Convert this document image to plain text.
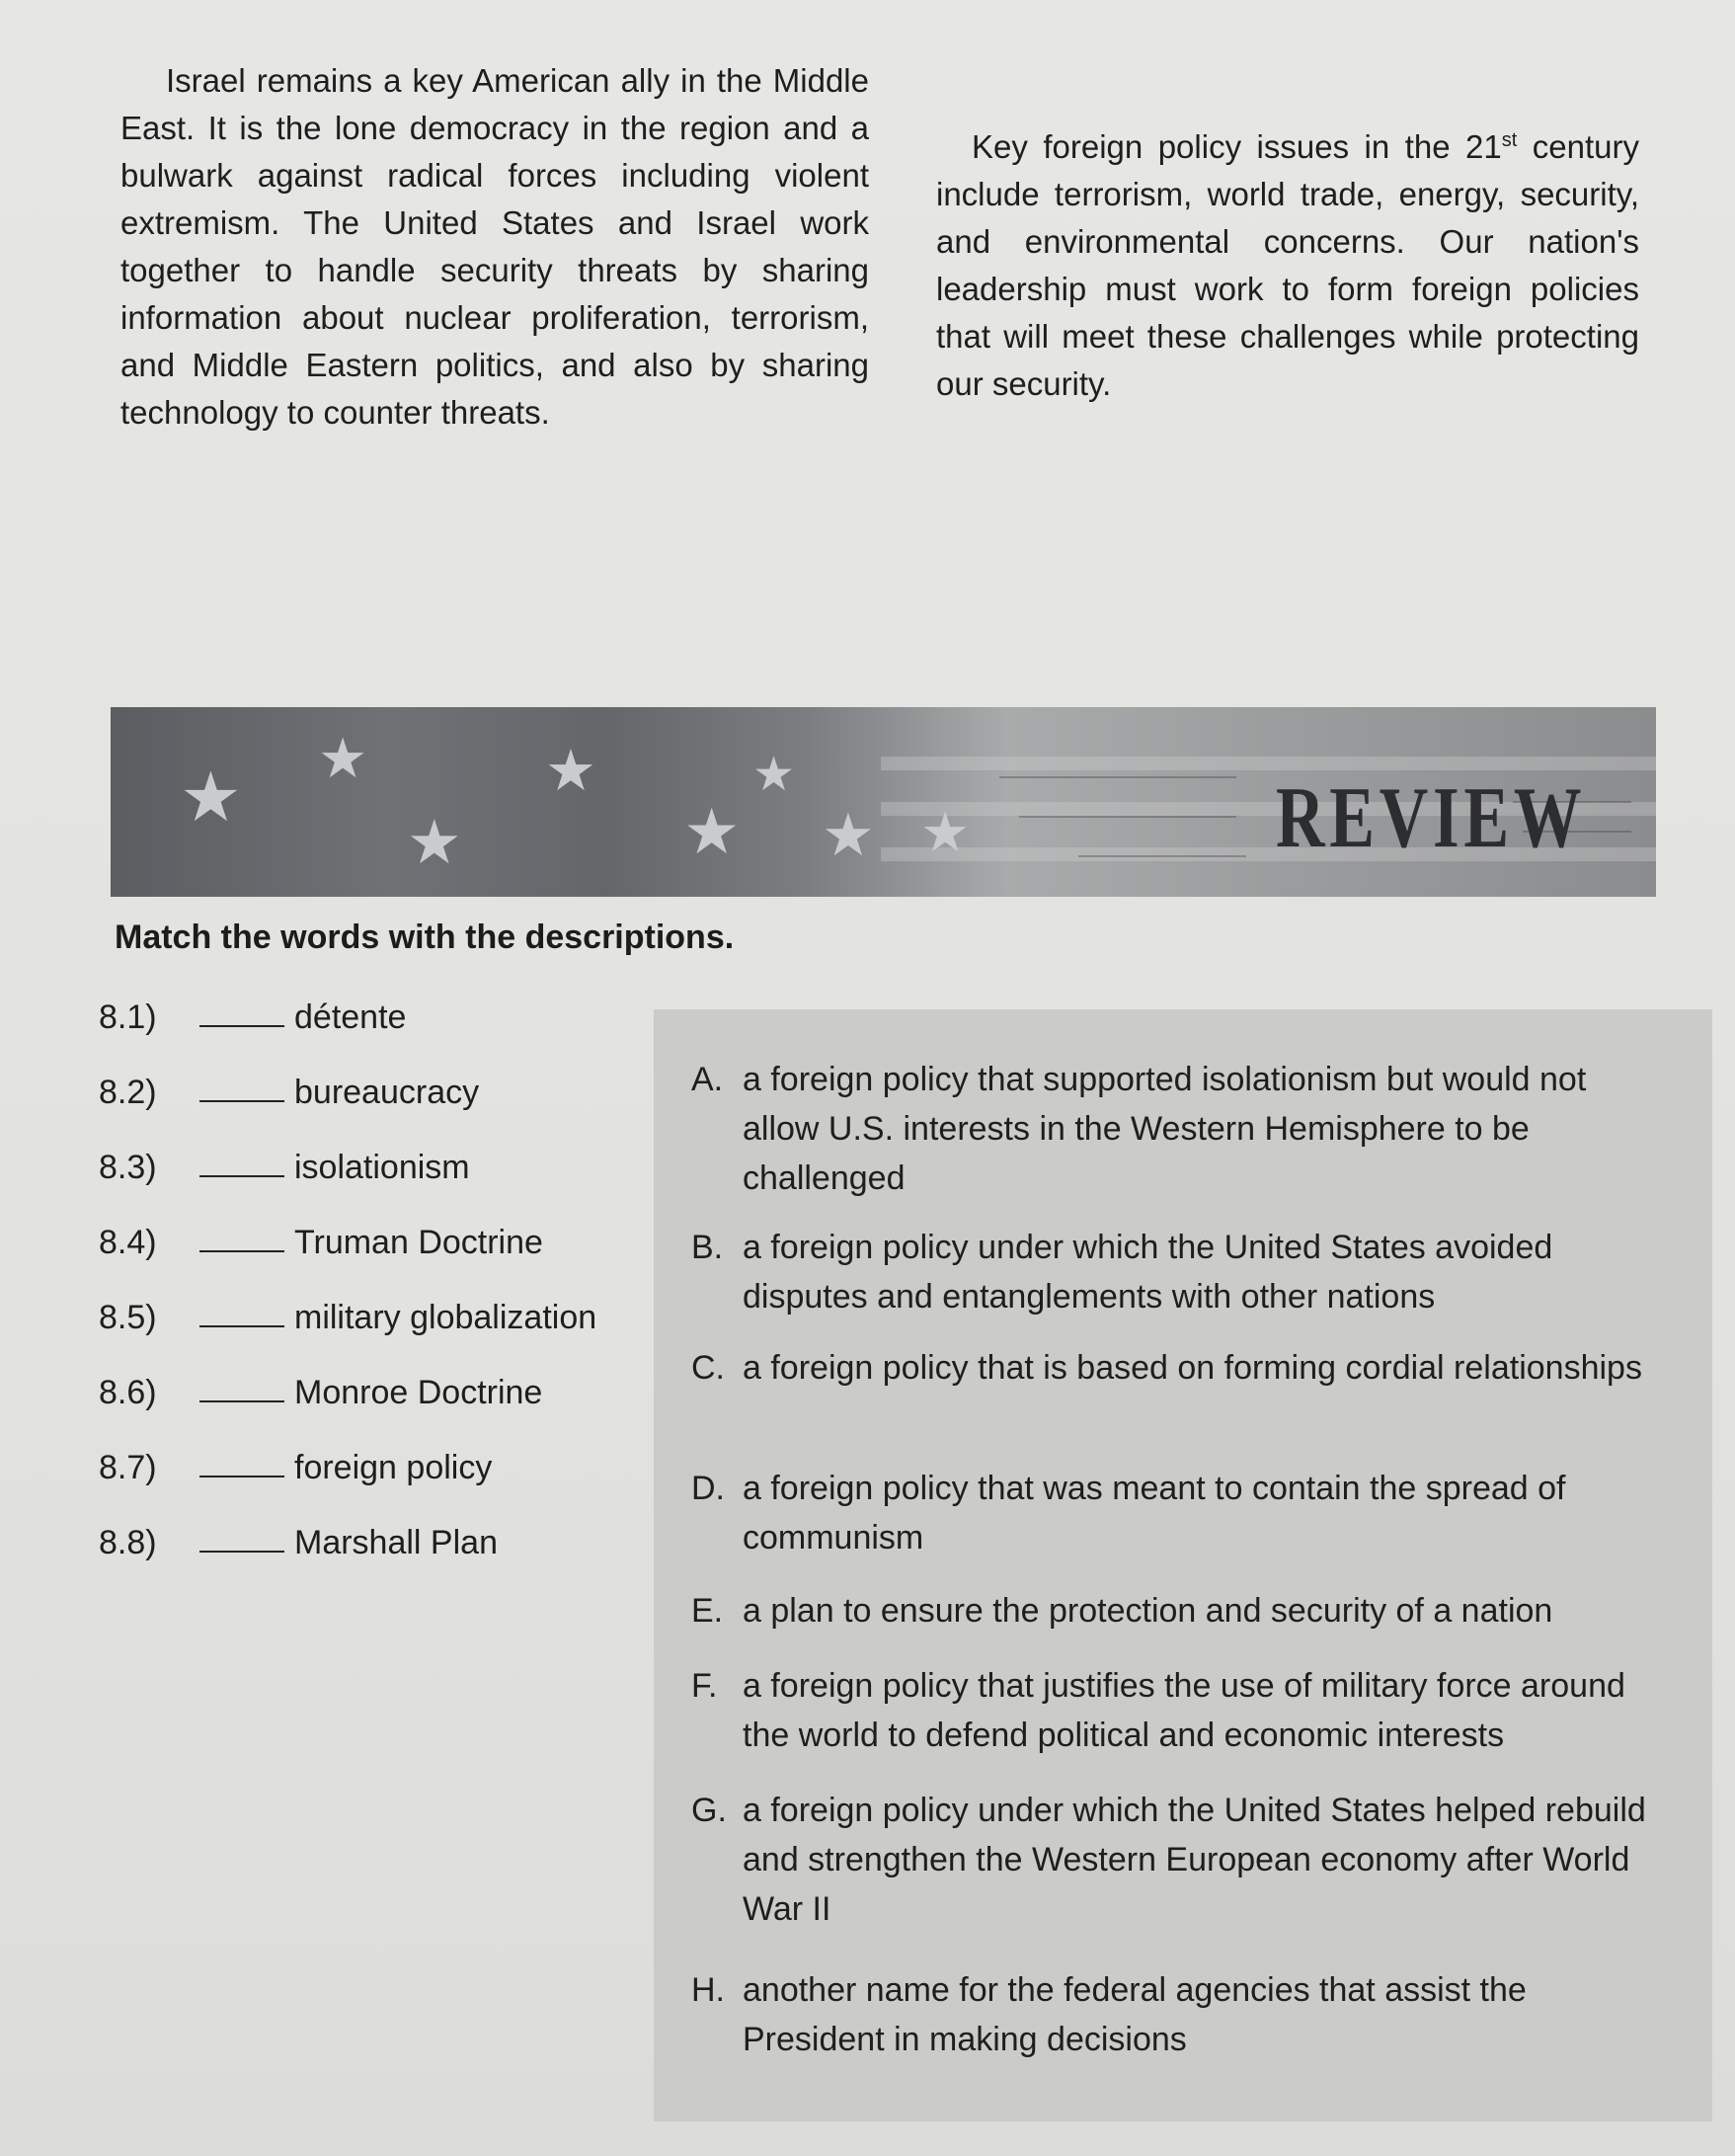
Israel remains a key American ally in the Middle East. It is the lone democracy in the region and a bulwark against radical forces including violent extremism. The United States and Israel work together to handle security threats by sharing information about nuclear proliferation, terrorism, and Middle Eastern politics, and also by sharing technology to counter threats.

Key foreign policy issues in the 21st century include terrorism, world trade, energy, security, and environmental concerns. Our nation's leadership must work to form foreign policies that will meet these challenges while protecting our security.

★ ★
★
★
★
★
★ ★	REVIEW
Match the words with the descriptions.
8.1)	détente
8.2)	bureaucracy
8.3)	isolationism
8.4)	Truman Doctrine
8.5)	military globalization
8.6)	Monroe Doctrine
8.7)	foreign policy
8.8)	Marshall Plan
A. a foreign policy that supported isolationism but would not allow U.S. interests in the Western Hemisphere to be challenged
B. a foreign policy under which the United States avoided disputes and entanglements with other nations
C. a foreign policy that is based on forming cordial relationships
D. a foreign policy that was meant to contain the spread of communism
E. a plan to ensure the protection and security of a nation
F. a foreign policy that justifies the use of military force around the world to defend political and economic interests
G. a foreign policy under which the United States helped rebuild and strengthen the Western European economy after World War II
H. another name for the federal agencies that assist the President in making decisions
